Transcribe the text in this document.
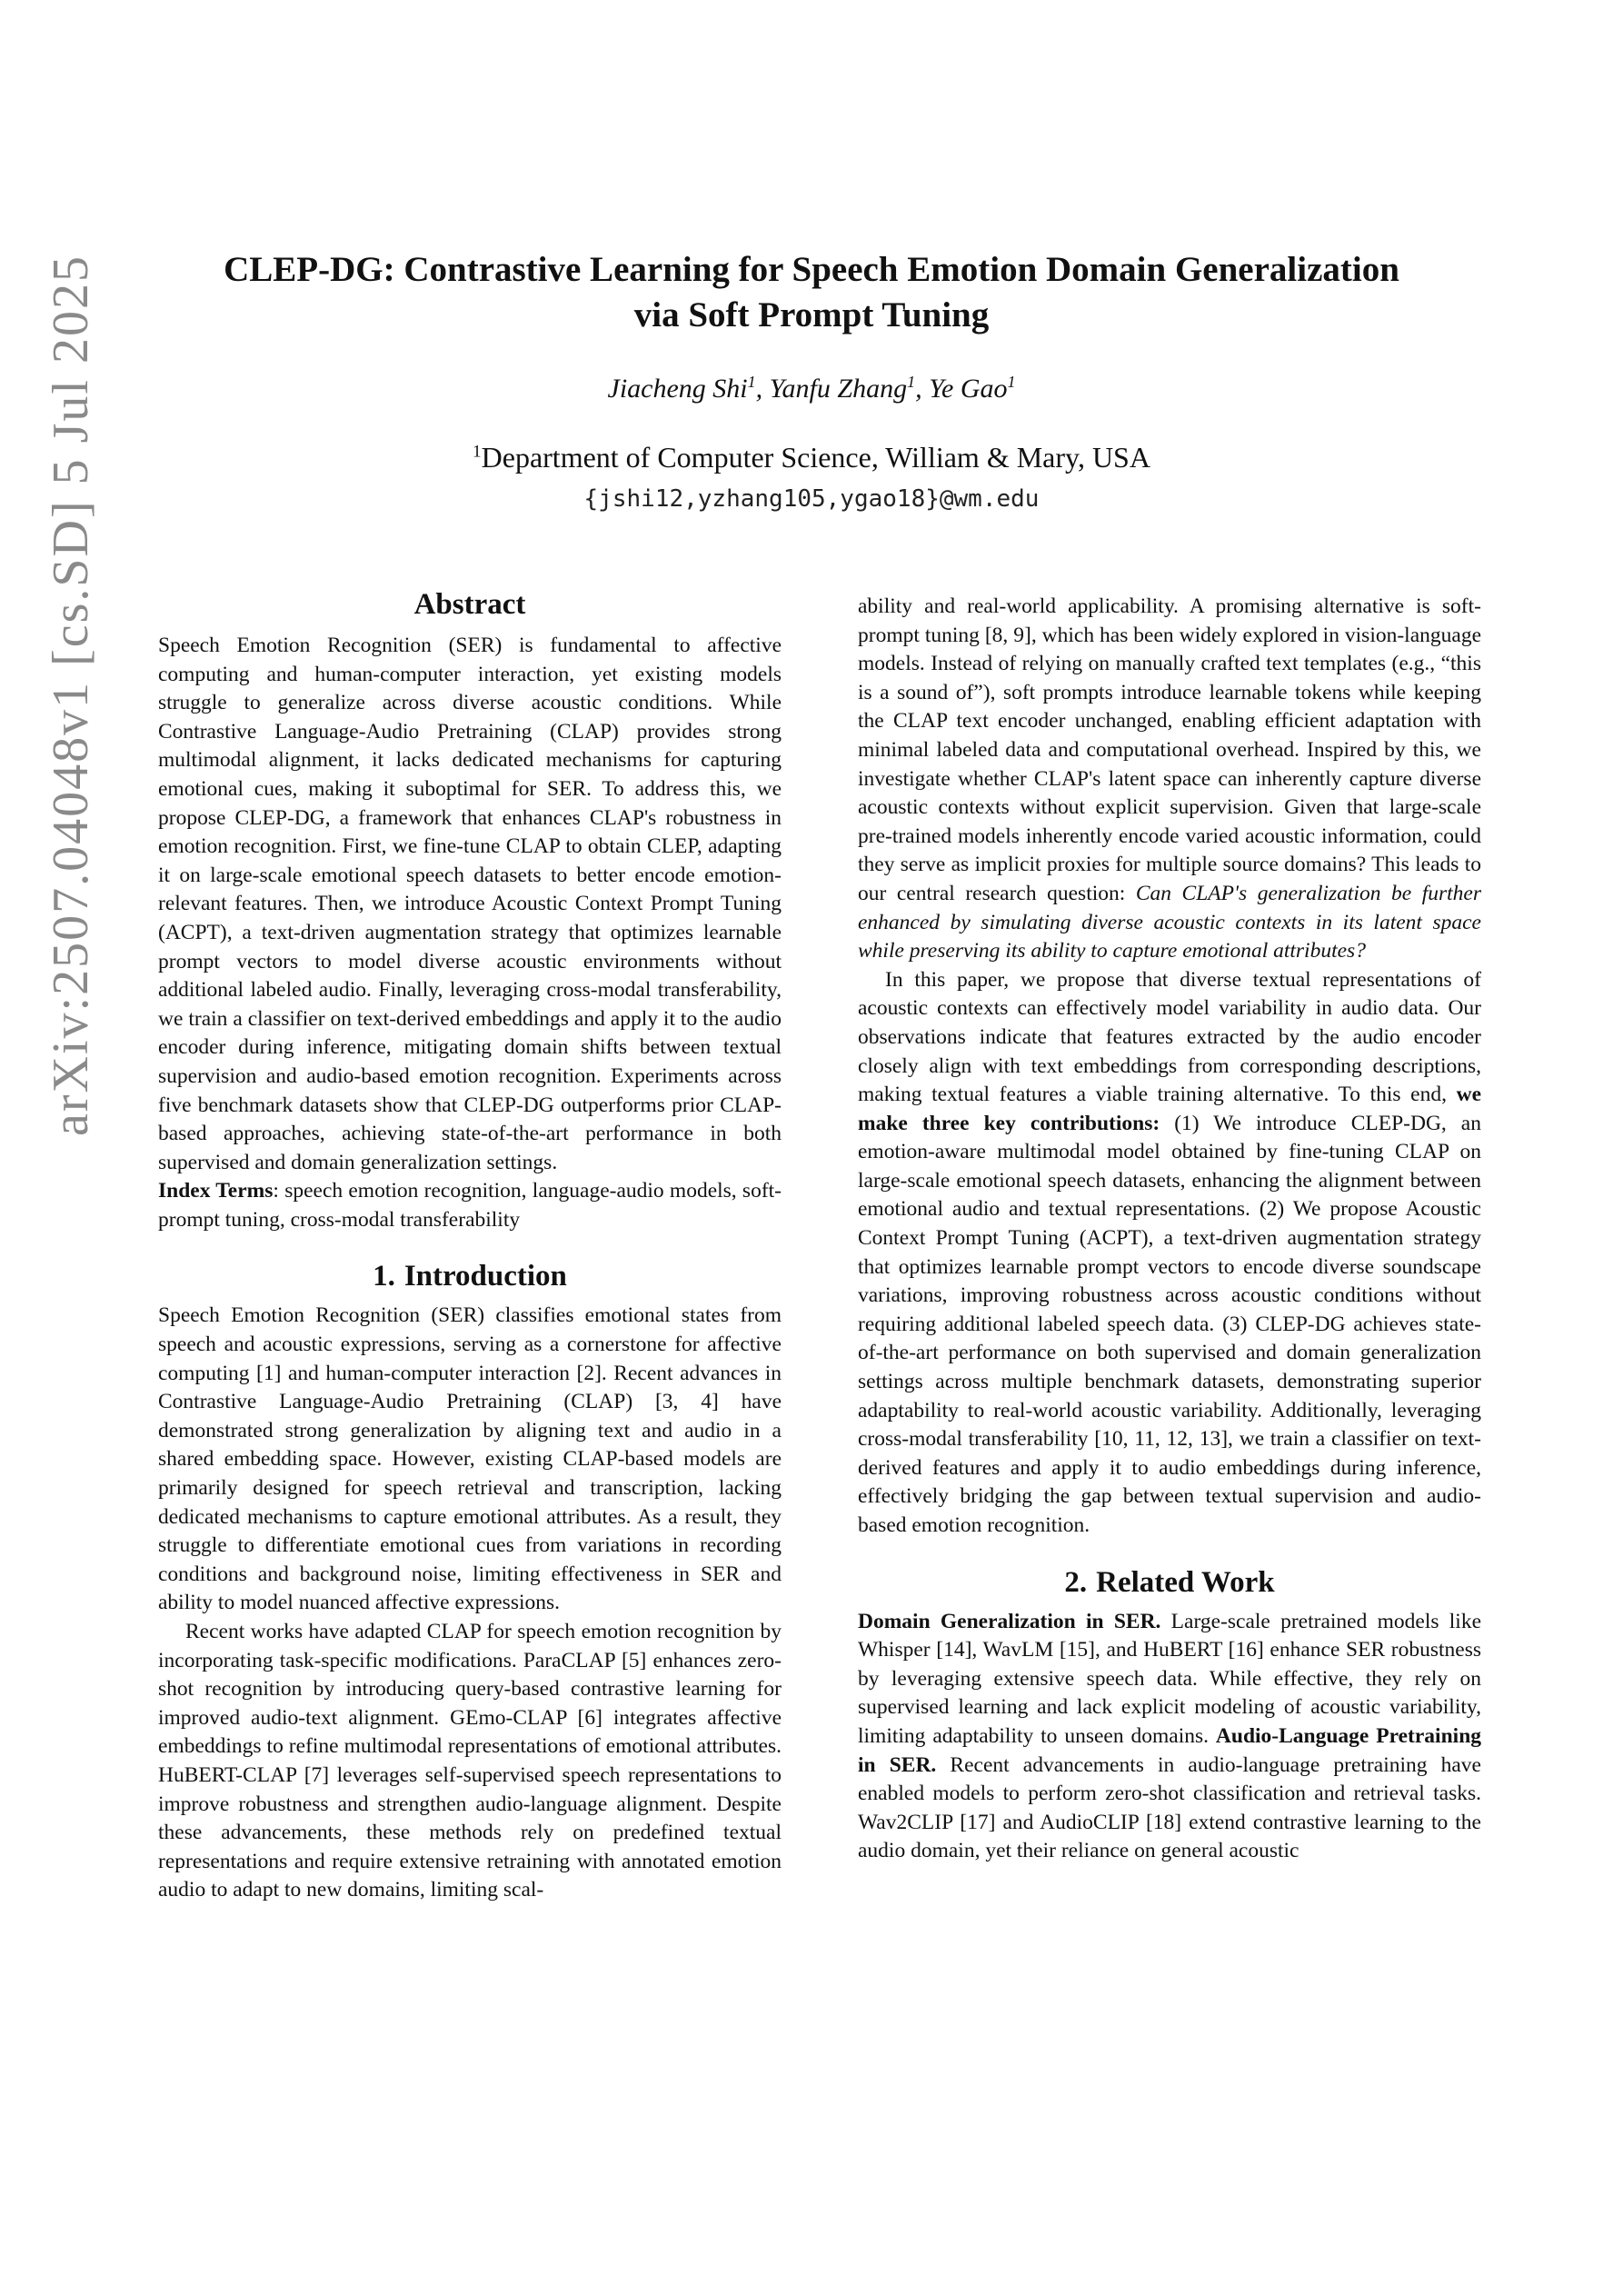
arXiv:2507.04048v1 [cs.SD] 5 Jul 2025	CLEP-DG: Contrastive Learning for Speech Emotion Domain Generalization
via Soft Prompt Tuning
Jiacheng Shi$^1$, Yanfu Zhang$^1$, Ye Gao$^1$
$^1$Department of Computer Science, William & Mary, USA
{jshi12,yzhang105,ygao18}@wm.edu
Abstract

Speech Emotion Recognition (SER) is fundamental to affective computing and human-computer interaction, yet existing models struggle to generalize across diverse acoustic conditions. While Contrastive Language-Audio Pretraining (CLAP) provides strong multimodal alignment, it lacks dedicated mechanisms for capturing emotional cues, making it suboptimal for SER. To address this, we propose CLEP-DG, a framework that enhances CLAP's robustness in emotion recognition. First, we fine-tune CLAP to obtain CLEP, adapting it on large-scale emotional speech datasets to better encode emotion-relevant features. Then, we introduce Acoustic Context Prompt Tuning (ACPT), a text-driven augmentation strategy that optimizes learnable prompt vectors to model diverse acoustic environments without additional labeled audio. Finally, leveraging cross-modal transferability, we train a classifier on text-derived embeddings and apply it to the audio encoder during inference, mitigating domain shifts between textual supervision and audio-based emotion recognition. Experiments across five benchmark datasets show that CLEP-DG outperforms prior CLAP-based approaches, achieving state-of-the-art performance in both supervised and domain generalization settings.

Index Terms: speech emotion recognition, language-audio models, soft-prompt tuning, cross-modal transferability

1. Introduction

Speech Emotion Recognition (SER) classifies emotional states from speech and acoustic expressions, serving as a cornerstone for affective computing [1] and human-computer interaction [2]. Recent advances in Contrastive Language-Audio Pretraining (CLAP) [3, 4] have demonstrated strong generalization by aligning text and audio in a shared embedding space. However, existing CLAP-based models are primarily designed for speech retrieval and transcription, lacking dedicated mechanisms to capture emotional attributes. As a result, they struggle to differentiate emotional cues from variations in recording conditions and background noise, limiting effectiveness in SER and ability to model nuanced affective expressions.

Recent works have adapted CLAP for speech emotion recognition by incorporating task-specific modifications. ParaCLAP [5] enhances zero-shot recognition by introducing query-based contrastive learning for improved audio-text alignment. GEmo-CLAP [6] integrates affective embeddings to refine multimodal representations of emotional attributes. HuBERT-CLAP [7] leverages self-supervised speech representations to improve robustness and strengthen audio-language alignment. Despite these advancements, these methods rely on predefined textual representations and require extensive retraining with annotated emotion audio to adapt to new domains, limiting scal-

ability and real-world applicability. A promising alternative is soft-prompt tuning [8, 9], which has been widely explored in vision-language models. Instead of relying on manually crafted text templates (e.g., “this is a sound of”), soft prompts introduce learnable tokens while keeping the CLAP text encoder unchanged, enabling efficient adaptation with minimal labeled data and computational overhead. Inspired by this, we investigate whether CLAP's latent space can inherently capture diverse acoustic contexts without explicit supervision. Given that large-scale pre-trained models inherently encode varied acoustic information, could they serve as implicit proxies for multiple source domains? This leads to our central research question: Can CLAP's generalization be further enhanced by simulating diverse acoustic contexts in its latent space while preserving its ability to capture emotional attributes?

In this paper, we propose that diverse textual representations of acoustic contexts can effectively model variability in audio data. Our observations indicate that features extracted by the audio encoder closely align with text embeddings from corresponding descriptions, making textual features a viable training alternative. To this end, we make three key contributions: (1) We introduce CLEP-DG, an emotion-aware multimodal model obtained by fine-tuning CLAP on large-scale emotional speech datasets, enhancing the alignment between emotional audio and textual representations. (2) We propose Acoustic Context Prompt Tuning (ACPT), a text-driven augmentation strategy that optimizes learnable prompt vectors to encode diverse soundscape variations, improving robustness across acoustic conditions without requiring additional labeled speech data. (3) CLEP-DG achieves state-of-the-art performance on both supervised and domain generalization settings across multiple benchmark datasets, demonstrating superior adaptability to real-world acoustic variability. Additionally, leveraging cross-modal transferability [10, 11, 12, 13], we train a classifier on text-derived features and apply it to audio embeddings during inference, effectively bridging the gap between textual supervision and audio-based emotion recognition.

2. Related Work

Domain Generalization in SER. Large-scale pretrained models like Whisper [14], WavLM [15], and HuBERT [16] enhance SER robustness by leveraging extensive speech data. While effective, they rely on supervised learning and lack explicit modeling of acoustic variability, limiting adaptability to unseen domains. Audio-Language Pretraining in SER. Recent advancements in audio-language pretraining have enabled models to perform zero-shot classification and retrieval tasks. Wav2CLIP [17] and AudioCLIP [18] extend contrastive learning to the audio domain, yet their reliance on general acoustic
